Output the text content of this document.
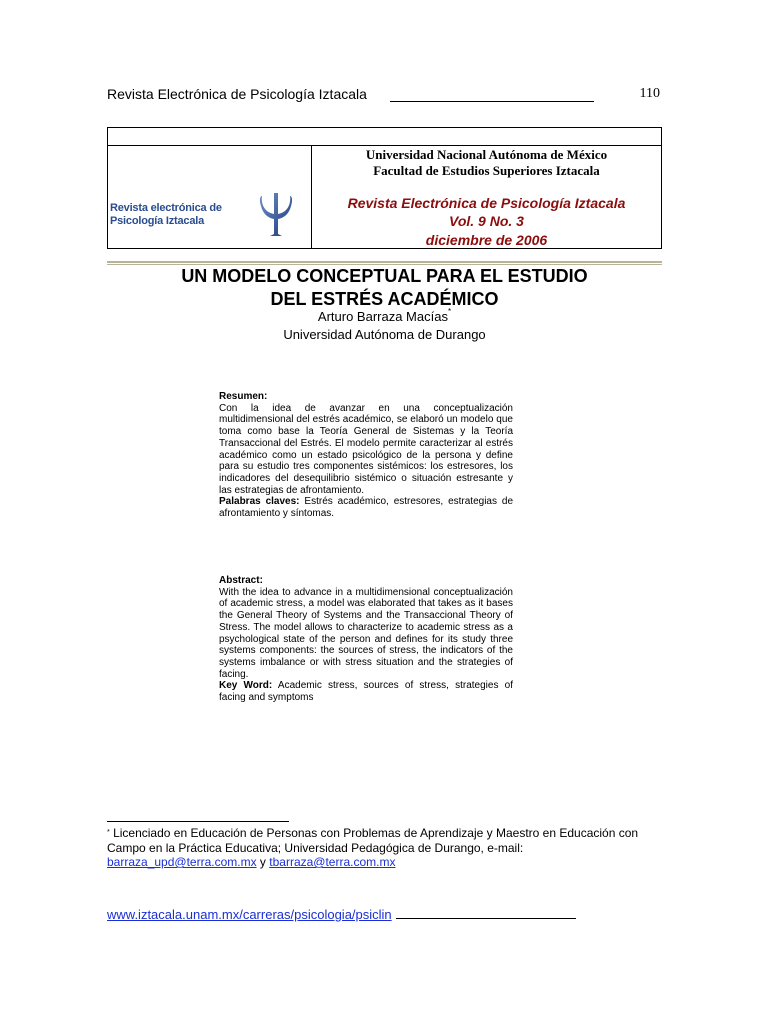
Revista Electrónica de Psicología Iztacala	110
Revista electrónica de
Psicología Iztacala
Universidad Nacional Autónoma de México
Facultad de Estudios Superiores Iztacala
Revista Electrónica de Psicología Iztacala
Vol. 9 No. 3
diciembre de 2006
UN MODELO CONCEPTUAL PARA EL ESTUDIO
DEL ESTRÉS ACADÉMICO
Arturo Barraza Macías*
Universidad Autónoma de Durango
Resumen:
Con la idea de avanzar en una conceptualización multidimensional del estrés académico, se elaboró un modelo que toma como base la Teoría General de Sistemas y la Teoría Transaccional del Estrés. El modelo permite caracterizar al estrés académico como un estado psicológico de la persona y define para su estudio tres componentes sistémicos: los estresores, los indicadores del desequilibrio sistémico o situación estresante y las estrategias de afrontamiento.
Palabras claves: Estrés académico, estresores, estrategias de afrontamiento y síntomas.
Abstract:
With the idea to advance in a multidimensional conceptualización of academic stress, a model was elaborated that takes as it bases the General Theory of Systems and the Transaccional Theory of Stress. The model allows to characterize to academic stress as a psychological state of the person and defines for its study three systems components: the sources of stress, the indicators of the systems imbalance or with stress situation and the strategies of facing.
Key Word: Academic stress, sources of stress, strategies of facing and symptoms
* Licenciado en Educación de Personas con Problemas de Aprendizaje y Maestro en Educación con Campo en la Práctica Educativa; Universidad Pedagógica de Durango, e-mail:
barraza_upd@terra.com.mx y tbarraza@terra.com.mx
www.iztacala.unam.mx/carreras/psicologia/psiclin
